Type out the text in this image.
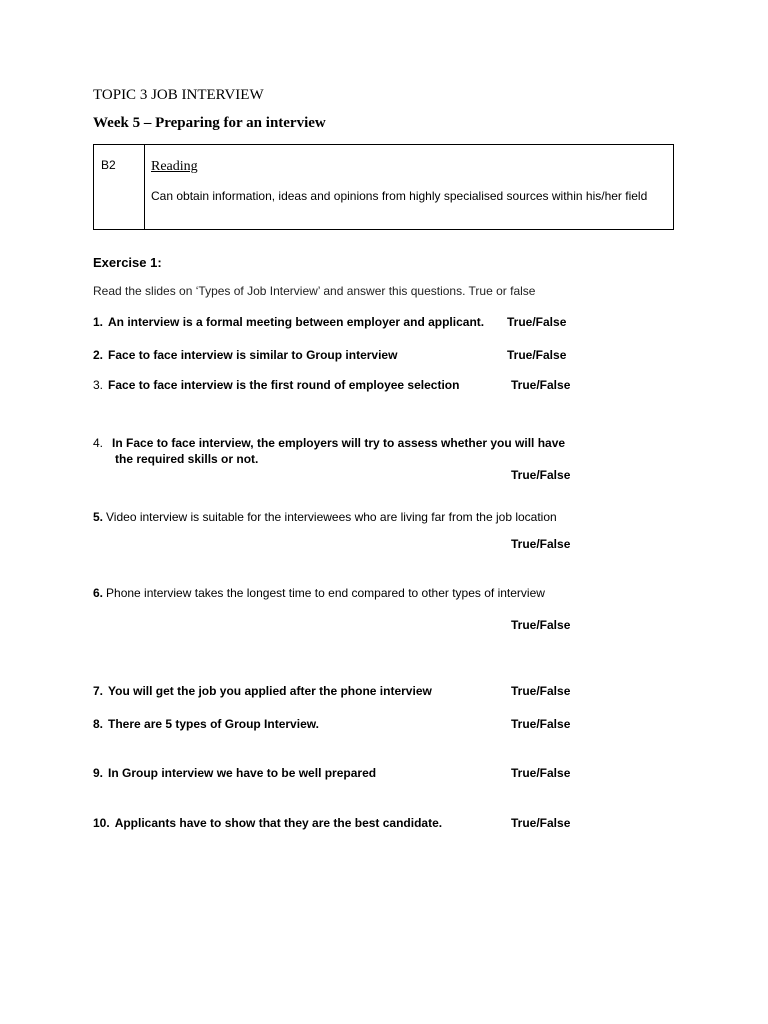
TOPIC 3 JOB INTERVIEW
Week 5 – Preparing for an interview
B2	Reading
Can obtain information, ideas and opinions from highly specialised sources within his/her field
Exercise 1:
Read the slides on ‘Types of Job Interview’ and answer this questions. True or false
1. An interview is a formal meeting between employer and applicant. True/False
2. Face to face interview is similar to Group interview	True/False
3. Face to face interview is the first round of employee selection	True/False
4. In Face to face interview, the employers will try to assess whether you will have
the required skills or not.
True/False
5. Video interview is suitable for the interviewees who are living far from the job location
True/False
6. Phone interview takes the longest time to end compared to other types of interview
True/False
7. You will get the job you applied after the phone interview	True/False
8. There are 5 types of Group Interview.	True/False
9. In Group interview we have to be well prepared	True/False
10. Applicants have to show that they are the best candidate.	True/False
